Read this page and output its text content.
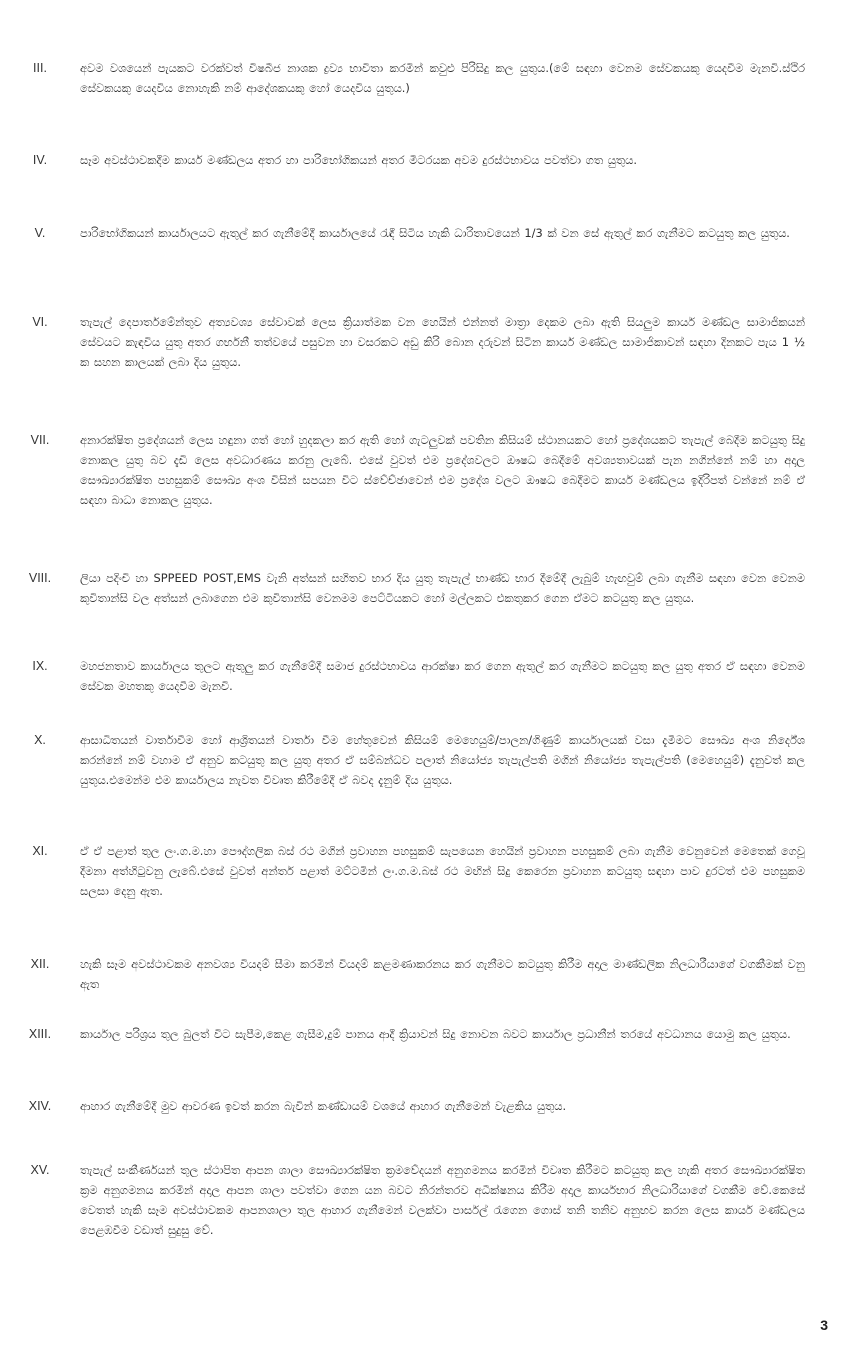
III.	අවම වශයෙන් පැයකට වරක්වත් විෂබීජ නාශක ද්‍රව්‍ය භාවිතා කරමින් කවුළු පිරිසිදු කල යුතුය.(මේ සඳහා වෙනම සේවකයකු යෙදවීම මැනවි.ස්ථිර සේවකයකු යෙදවිය නොහැකි නම් ආදේශකයකු හෝ යෙදවිය යුතුය.)
IV.	සෑම අවස්ථාවකදීම කාර්ය මණ්ඩලය අතර හා පාරිභෝගිකයන් අතර මීටරයක අවම දුරස්ථභාවය පවත්වා ගත යුතුය.
V.	පාරිභෝගිකයන් කාර්යාලයට ඇතුල් කර ගැනීමේදී කාර්යාලයේ රැඳී සිටිය හැකි ධාරිතාවයෙන් 1/3 ක් වන සේ ඇතුල් කර ගැනීමට කටයුතු කල යුතුය.
VI.	තැපැල් දෙපාර්තමේන්තුව අත්‍යවශ්‍ය සේවාවක් ලෙස ක්‍රියාත්මක වන හෙයින් එන්නත් මාත්‍රා දෙකම ලබා ඇති සියලුම කාර්ය මණ්ඩල සාමාජිකයන් සේවයට කැඳවිය යුතු අතර ගර්භනී තත්වයේ පසුවන හා වසරකට අඩු කිරි බොන දරුවන් සිටින කාර්ය මණ්ඩල සාමාජිකාවන් සඳහා දිනකට පැය 1 ½ ක සහන කාලයක් ලබා දිය යුතුය.
VII.	අනාරක්ෂිත ප්‍රදේශයන් ලෙස හඳුනා ගත් හෝ හුදකලා කර ඇති හෝ ගැටලුවක් පවතින කිසියම් ස්ථානයකට හෝ ප්‍රදේශයකට තැපැල් බෙදීම කටයුතු සිදු නොකල යුතු බව දැඩි ලෙස අවධාරණය කරනු ලැබේ. එසේ වුවත් එම ප්‍රදේශවලට ඖෂධ බෙදීමේ අවශ්‍යතාවයක් පැන නගින්නේ නම් හා අදාල සෞඛ්‍යාරක්ෂිත පහසුකම් සෞඛ්‍ය අංශ විසින් සපයන විට ස්වේච්ඡාවෙන් එම ප්‍රදේශ වලට ඖෂධ බෙදීමට කාර්ය මණ්ඩලය ඉදිරිපත් වන්නේ නම් ඒ සඳහා බාධා නොකල යුතුය.
VIII.	ලියා පදිංචි හා SPPEED POST,EMS වැනි අත්සන් සහිතව භාර දිය යුතු තැපැල් භාණ්ඩ භාර දීමේදී ලැබුම් හැඟවුම් ලබා ගැනීම සඳහා වෙන වෙනම කුවිතාන්සි වල අත්සන් ලබාගෙන එම කුවිතාන්සි වෙනමම පෙට්ටියකට හෝ මල්ලකට එකතුකර ගෙන ඒමට කටයුතු කල යුතුය.
IX.	මහජනතාව කාර්යාලය තුලට ඇතුලු කර ගැනීමේදී සමාජ දුරස්ථභාවය ආරක්ෂා කර ගෙන ඇතුල් කර ගැනීමට කටයුතු කල යුතු අතර ඒ සඳහා වෙනම සේවක මහතකු යෙදවීම මැනවි.
X.	ආසාධිතයන් වාර්තාවීම හෝ ආශ්‍රිතයන් වාර්තා වීම හේතුවෙන් කිසියම් මෙහෙයුම්/පාලන/ගිණුම් කාර්යාලයක් වසා දැමීමට සෞඛ්‍ය අංශ නිර්දේශ කරන්නේ නම් වහාම ඒ අනුව කටයුතු කල යුතු අතර ඒ සම්බන්ධව පලාත් නියෝජ්‍ය තැපැල්පති මගින් නියෝජ්‍ය තැපැල්පති (මෙහෙයුම්) දැනුවත් කල යුතුය.එමෙන්ම එම කාර්යාලය නැවත විවෘත කිරීමේදී ඒ බවද දැනුම් දිය යුතුය.
XI.	ඒ ඒ පළාත් තුල ලං.ග.ම.හා පෞද්ගලික බස් රථ මගින් ප්‍රවාහන පහසුකම් සැපයෙන හෙයින් ප්‍රවාහන පහසුකම් ලබා ගැනීම වෙනුවෙන් මෙතෙක් ගෙවූ දීමනා අත්හිටුවනු ලැබේ.එසේ වුවත් අන්තර් පළාත් මට්ටමින් ලං.ග.ම.බස් රථ මඟින් සිදු කෙරෙන ප්‍රවාහන කටයුතු සඳහා පාව දුරටත් එම පහසුකම සලසා දෙනු ඇත.
XII.	හැකි සෑම අවස්ථාවකම අනවශ්‍ය වියදම් සීමා කරමින් වියදම් කළමණාකරනය කර ගැනීමට කටයුතු කිරීම අදාල මාණ්ඩලික නිලධාරීයාගේ වගකීමක් වනු ඇත
XIII.	කාර්යාල පරිශ්‍රය තුල බුලත් විට සැපීම,කෙළ ගැසීම,දුම් පානය ආදී ක්‍රියාවන් සිදු නොවන බවට කාර්යාල ප්‍රධානීන් තරයේ අවධානය යොමු කල යුතුය.
XIV.	ආහාර ගැනීමේදී මුව ආවරණ ඉවත් කරන බැවින් කණ්ඩායම් වශයේ ආහාර ගැනීමෙන් වැළකිය යුතුය.
XV.	තැපැල් සංකීර්ණයන් තුල ස්ථාපිත ආපන ශාලා සෞඛ්‍යාරක්ෂිත ක්‍රමවේදයන් අනුගමනය කරමින් විවෘත කිරීමට කටයුතු කල හැකි අතර සෞඛ්‍යාරක්ෂිත ක්‍රම අනුගමනය කරමින් අදාල ආපන ශාලා පවත්වා ගෙන යන බවට නිරන්තරව අධීක්ෂනය කිරීම අදාල කාර්යභාර නිලධාරියාගේ වගකීම වේ.කෙසේ වෙතත් හැකි සෑම අවස්ථාවකම ආපනශාලා තුල ආහාර ගැනීමෙන් වලක්වා පාර්සල් රැගෙන ගොස් තනි තනිව අනුභව කරන ලෙස කාර්ය මණ්ඩලය පෙළඹවීම වඩාත් සුදුසු වේ.
3
